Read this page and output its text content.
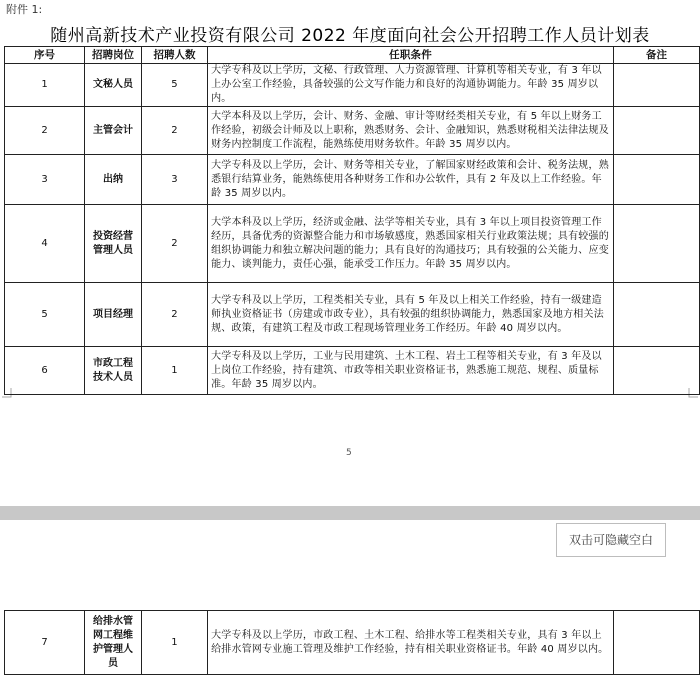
附件 1:
随州高新技术产业投资有限公司 2022 年度面向社会公开招聘工作人员计划表
序号	招聘岗位	招聘人数	任职条件	备注
1	文秘人员	5	大学专科及以上学历，文秘、行政管理、人力资源管理、计算机等相关专业，有 3 年以上办公室工作经验，具备较强的公文写作能力和良好的沟通协调能力。年龄 35 周岁以内。	
2	主管会计	2	大学本科及以上学历，会计、财务、金融、审计等财经类相关专业，有 5 年以上财务工作经验，初级会计师及以上职称，熟悉财务、会计、金融知识，熟悉财税相关法律法规及财务内控制度工作流程，能熟练使用财务软件。年龄 35 周岁以内。	
3	出纳	3	大学专科及以上学历，会计、财务等相关专业，了解国家财经政策和会计、税务法规，熟悉银行结算业务，能熟练使用各种财务工作和办公软件，具有 2 年及以上工作经验。年龄 35 周岁以内。	
4	投资经营管理人员	2	大学本科及以上学历，经济或金融、法学等相关专业，具有 3 年以上项目投资管理工作经历，具备优秀的资源整合能力和市场敏感度，熟悉国家相关行业政策法规；具有较强的组织协调能力和独立解决问题的能力；具有良好的沟通技巧；具有较强的公关能力、应变能力、谈判能力，责任心强，能承受工作压力。年龄 35 周岁以内。	
5	项目经理	2	大学专科及以上学历，工程类相关专业，具有 5 年及以上相关工作经验，持有一级建造师执业资格证书（房建或市政专业），具有较强的组织协调能力，熟悉国家及地方相关法规、政策，有建筑工程及市政工程现场管理业务工作经历。年龄 40 周岁以内。	
6	市政工程技术人员	1	大学专科及以上学历，工业与民用建筑、土木工程、岩土工程等相关专业，有 3 年及以上岗位工作经验，持有建筑、市政等相关职业资格证书，熟悉施工规范、规程、质量标准。年龄 35 周岁以内。	
5
7	给排水管网工程维护管理人员	1	大学专科及以上学历，市政工程、土木工程、给排水等工程类相关专业，具有 3 年以上给排水管网专业施工管理及维护工作经验，持有相关职业资格证书。年龄 40 周岁以内。	
双击可隐藏空白
